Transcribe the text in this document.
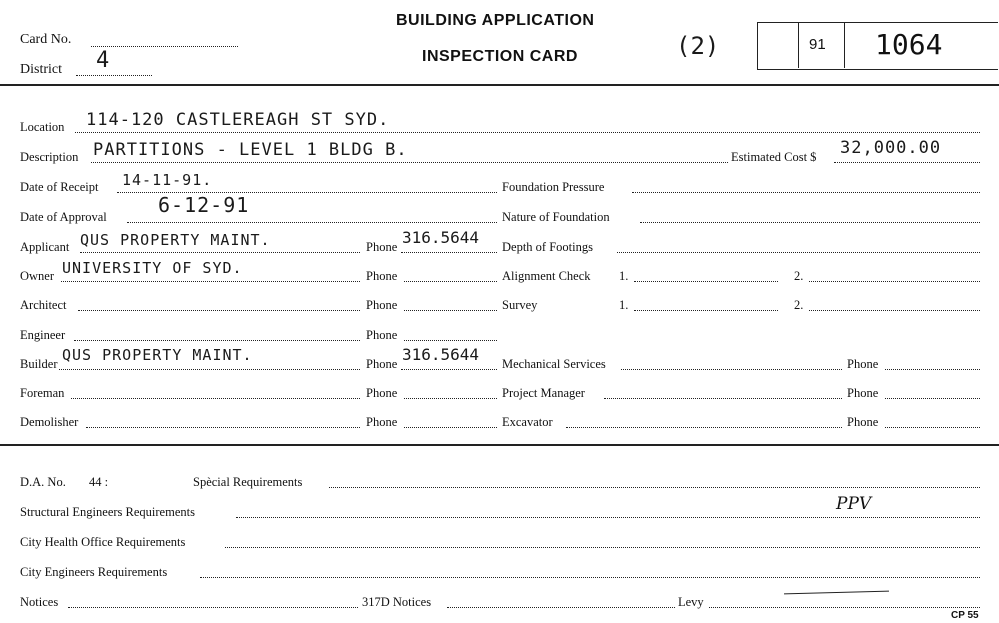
Card No.
District 4
BUILDING APPLICATION
INSPECTION CARD	(2)	91 1064
Location 114-120 CASTLEREAGH ST SYD.
Description PARTITIONS - LEVEL 1 BLDG B.	Estimated Cost $ 32,000.00
Date of Receipt 14-11-91.
Date of Approval	6-12-91
Applicant QUS PROPERTY MAINT.	Phone 316.5644
Owner UNIVERSITY OF SYD.	Phone
Architect	Phone
Engineer	Phone
Builder QUS PROPERTY MAINT.	Phone 316.5644
Foreman	Phone
Demolisher	Phone
Foundation Pressure
Nature of Foundation
Depth of Footings
Alignment Check 1.	2.
Survey	1.	2.
Mechanical Services	Phone
Project Manager	Phone
Excavator	Phone
D.A. No. 44 :	Spècial Requirements
Structural Engineers Requirements	PPV
City Health Office Requirements
City Engineers Requirements
Notices	317D Notices	Levy
CP 55
